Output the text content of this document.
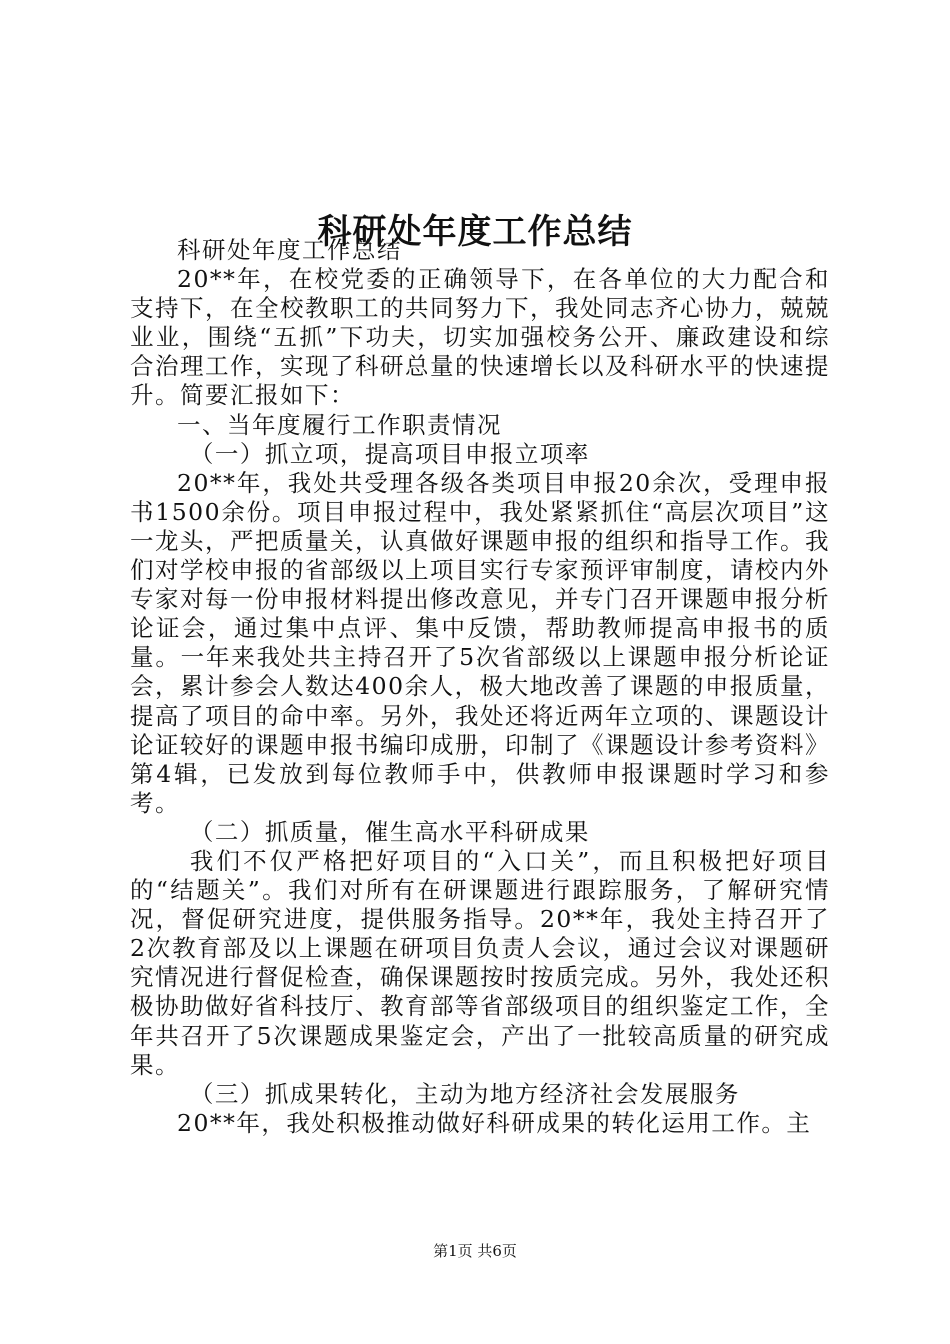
科研处年度工作总结

科研处年度工作总结

20**年，在校党委的正确领导下，在各单位的大力配合和支持下，在全校教职工的共同努力下，我处同志齐心协力，兢兢业业，围绕“五抓”下功夫，切实加强校务公开、廉政建设和综合治理工作，实现了科研总量的快速增长以及科研水平的快速提升。简要汇报如下：

一、当年度履行工作职责情况

（一）抓立项，提高项目申报立项率

20**年，我处共受理各级各类项目申报20余次，受理申报书1500余份。项目申报过程中，我处紧紧抓住“高层次项目”这一龙头，严把质量关，认真做好课题申报的组织和指导工作。我们对学校申报的省部级以上项目实行专家预评审制度，请校内外专家对每一份申报材料提出修改意见，并专门召开课题申报分析论证会，通过集中点评、集中反馈，帮助教师提高申报书的质量。一年来我处共主持召开了5次省部级以上课题申报分析论证会，累计参会人数达400余人，极大地改善了课题的申报质量，提高了项目的命中率。另外，我处还将近两年立项的、课题设计论证较好的课题申报书编印成册，印制了《课题设计参考资料》第4辑，已发放到每位教师手中，供教师申报课题时学习和参考。

（二）抓质量，催生高水平科研成果

我们不仅严格把好项目的“入口关”，而且积极把好项目的“结题关”。我们对所有在研课题进行跟踪服务，了解研究情况，督促研究进度，提供服务指导。20**年，我处主持召开了2次教育部及以上课题在研项目负责人会议，通过会议对课题研究情况进行督促检查，确保课题按时按质完成。另外，我处还积极协助做好省科技厅、教育部等省部级项目的组织鉴定工作，全年共召开了5次课题成果鉴定会，产出了一批较高质量的研究成果。

（三）抓成果转化，主动为地方经济社会发展服务

20**年，我处积极推动做好科研成果的转化运用工作。主

第1页 共6页
